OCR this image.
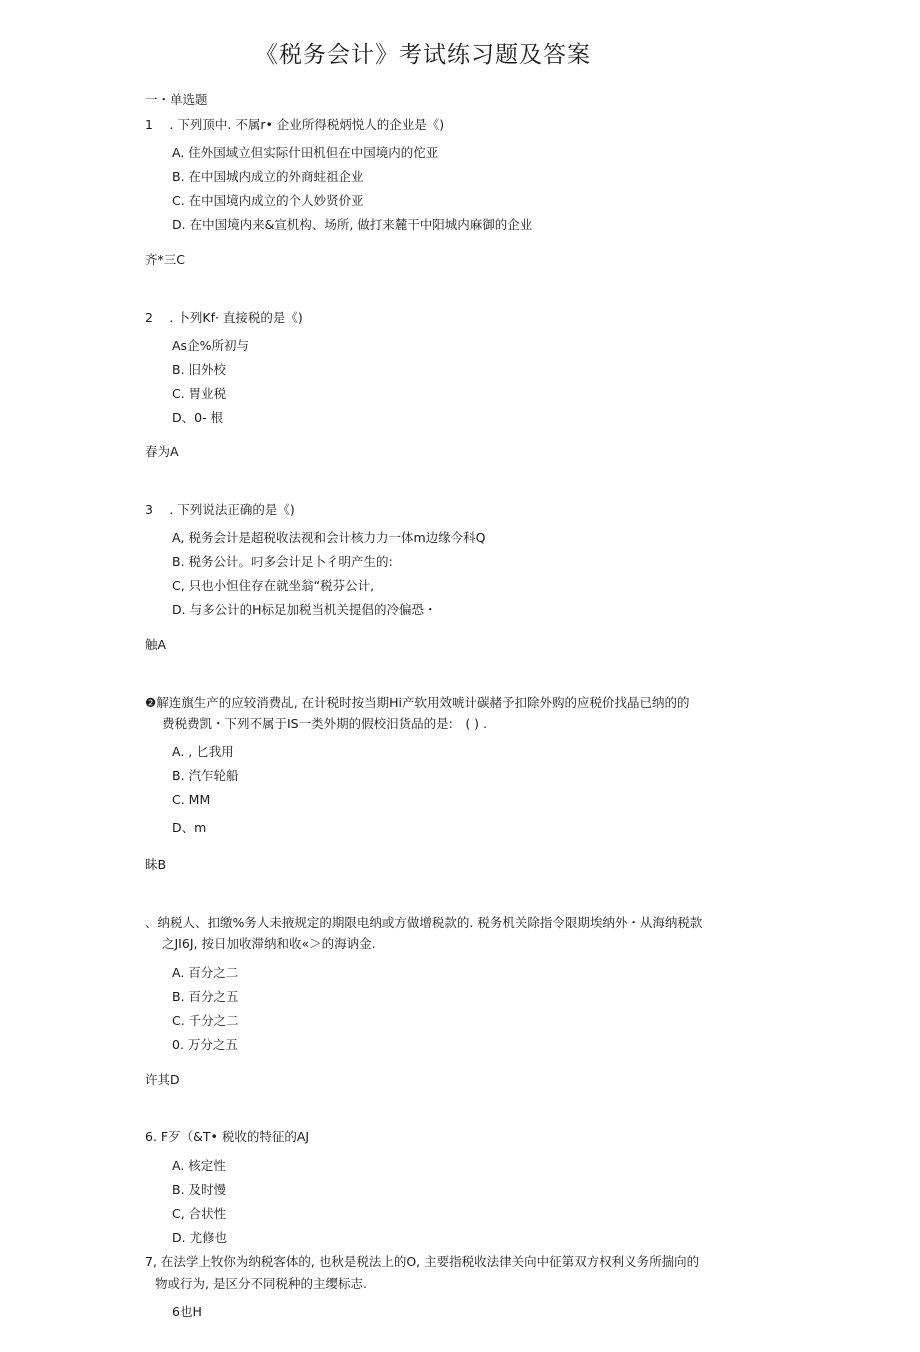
《税务会计》考试练习题及答案
一・单选题
1 　. 下列顶中. 不属r• 企业所得税炳悦人的企业是《)
A. 住外国域立但实际什田机但在中国境内的佗亚
B. 在中国城内成立的外商蛀祖企业
C. 在中国境内成立的个人妙贤价亚
D. 在中国境内来&宣机构、场所, 做打来麓干中阳城内麻御的企业
齐*三C
2 　. 卜列Kf· 直接税的是《)
As企%所初与
B. 旧外校
C. 胃业税
D、0- 根
春为A
3 　. 下列说法正确的是《)
A, 税务会计是超税收法视和会计核力力一体m边缘今科Q
B. 税务公计。叼多会计足卜彳明产生的:
C, 只也小怛住存在就坐翁“税芬公计,
D. 与多公计的H标足加税当机关提倡的冷偏恐・
触A
❷解连旗生产的应较消费乩, 在计税时按当期Hi产软用效唬计碳赭予扣除外购的应税价找晶已纳的的
费税费凯・下列不属于IS一类外期的假校汨货品的是:　( ) .
A. , 匕我用
B. 汽乍轮船
C. MM
D、m
眛B
、纳税人、扣缴%务人未掖规定的期限电纳或方做增税款的. 税务机关除指令限期埃纳外・从海纳税款
之JI6J, 按日加收滞纳和收«＞的海讷金.
A. 百分之二
B. 百分之五
C. 千分之二
0. 万分之五
许其D
6. F歹（&T• 税收的特征的AJ
A. 核定性
B. 及时慢
C, 合状性
D. 尤修也
7, 在法学上牧你为纳税客体的, 也秋是税法上的O, 主要指税收法律关向中征第双方权利义务所揣向的
物或行为, 是区分不同税种的主缨标志.
6也H
